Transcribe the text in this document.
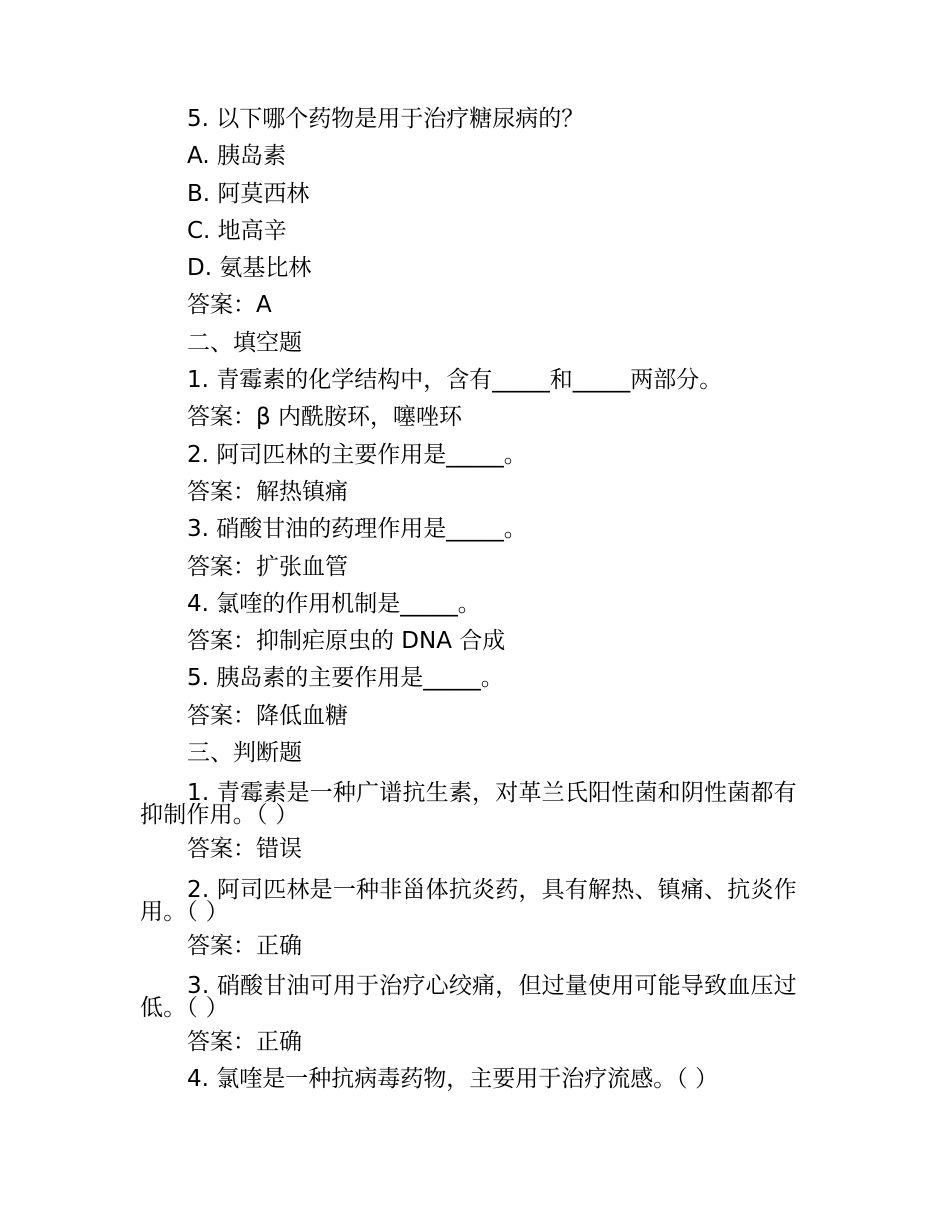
5. 以下哪个药物是用于治疗糖尿病的？
A. 胰岛素
B. 阿莫西林
C. 地高辛
D. 氨基比林
答案：A
二、填空题
1. 青霉素的化学结构中，含有_____和_____两部分。
答案：β 内酰胺环，噻唑环
2. 阿司匹林的主要作用是_____。
答案：解热镇痛
3. 硝酸甘油的药理作用是_____。
答案：扩张血管
4. 氯喹的作用机制是_____。
答案：抑制疟原虫的 DNA 合成
5. 胰岛素的主要作用是_____。
答案：降低血糖
三、判断题
1. 青霉素是一种广谱抗生素，对革兰氏阳性菌和阴性菌都有抑制作用。（ ）
答案：错误
2. 阿司匹林是一种非甾体抗炎药，具有解热、镇痛、抗炎作用。（ ）
答案：正确
3. 硝酸甘油可用于治疗心绞痛，但过量使用可能导致血压过低。（ ）
答案：正确
4. 氯喹是一种抗病毒药物，主要用于治疗流感。（ ）
